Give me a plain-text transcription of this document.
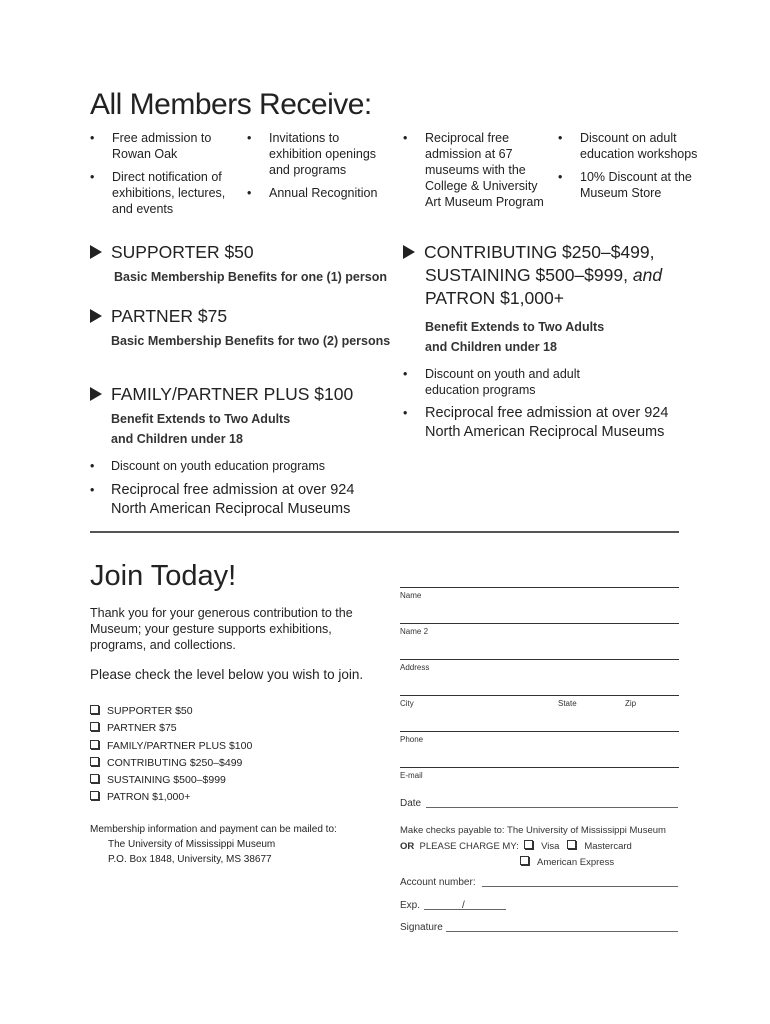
All Members Receive:
• Free admission to Rowan Oak
• Direct notification of exhibitions, lectures, and events
• Invitations to exhibition openings and programs
• Annual Recognition
• Reciprocal free admission at 67 museums with the College & University Art Museum Program
• Discount on adult education workshops
• 10% Discount at the Museum Store
SUPPORTER $50
Basic Membership Benefits for one (1) person
PARTNER $75
Basic Membership Benefits for two (2) persons
FAMILY/PARTNER PLUS $100
Benefit Extends to Two Adults
and Children under 18
• Discount on youth education programs
• Reciprocal free admission at over 924
North American Reciprocal Museums
CONTRIBUTING $250–$499,
SUSTAINING $500–$999, and
PATRON $1,000+
Benefit Extends to Two Adults
and Children under 18
• Discount on youth and adult
education programs
• Reciprocal free admission at over 924
North American Reciprocal Museums
Join Today!
Thank you for your generous contribution to the Museum; your gesture supports exhibitions, programs, and collections.
Please check the level below you wish to join.
SUPPORTER $50
PARTNER $75
FAMILY/PARTNER PLUS $100
CONTRIBUTING $250–$499
SUSTAINING $500–$999
PATRON $1,000+
Membership information and payment can be mailed to:
The University of Mississippi Museum
P.O. Box 1848, University, MS 38677
Name
Name 2
Address
City	State	Zip
Phone
E-mail
Date
Make checks payable to: The University of Mississippi Museum
OR PLEASE CHARGE MY: Visa	Mastercard
American Express
Account number:
Exp.	/
Signature
